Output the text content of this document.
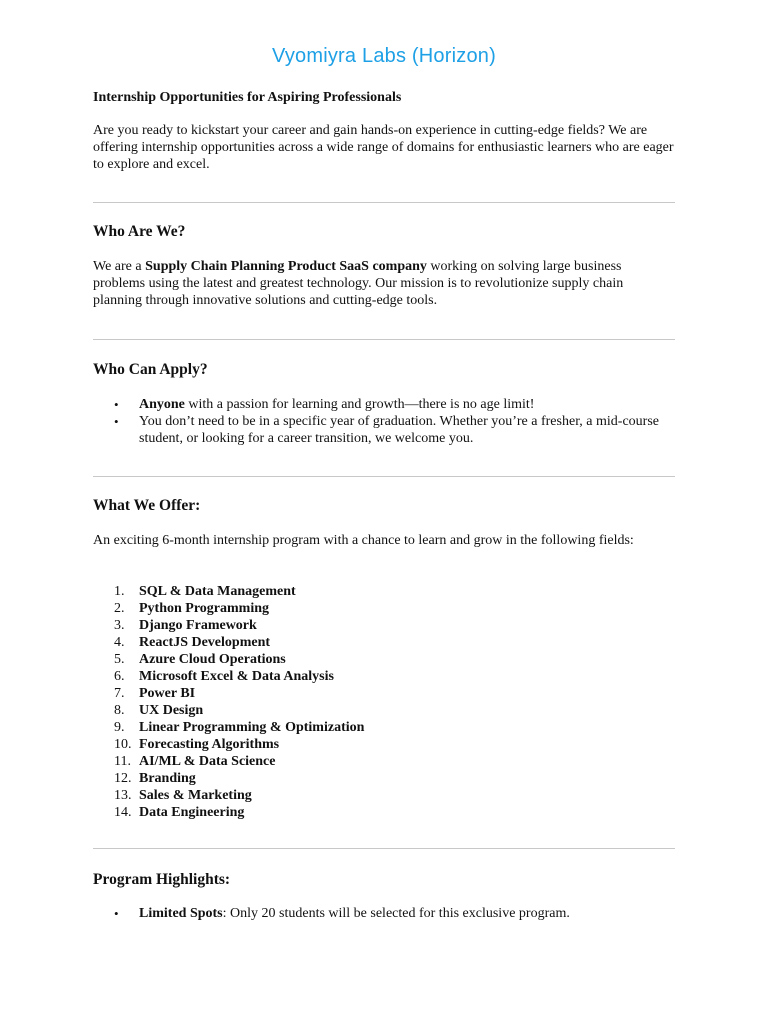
Vyomiyra Labs (Horizon)
Internship Opportunities for Aspiring Professionals

Are you ready to kickstart your career and gain hands-on experience in cutting-edge fields? We are offering internship opportunities across a wide range of domains for enthusiastic learners who are eager to explore and excel.

Who Are We?

We are a Supply Chain Planning Product SaaS company working on solving large business problems using the latest and greatest technology. Our mission is to revolutionize supply chain planning through innovative solutions and cutting-edge tools.

Who Can Apply?
• Anyone with a passion for learning and growth—there is no age limit!
• You don’t need to be in a specific year of graduation. Whether you’re a fresher, a mid-course student, or looking for a career transition, we welcome you.
What We Offer:

An exciting 6-month internship program with a chance to learn and grow in the following fields:

1.	SQL & Data Management
2.	Python Programming
3.	Django Framework
4.	ReactJS Development
5.	Azure Cloud Operations
6.	Microsoft Excel & Data Analysis
7.	Power BI
8.	UX Design
9.	Linear Programming & Optimization
10. Forecasting Algorithms
11. AI/ML & Data Science
12. Branding
13. Sales & Marketing
14. Data Engineering
Program Highlights:
• Limited Spots: Only 20 students will be selected for this exclusive program.
